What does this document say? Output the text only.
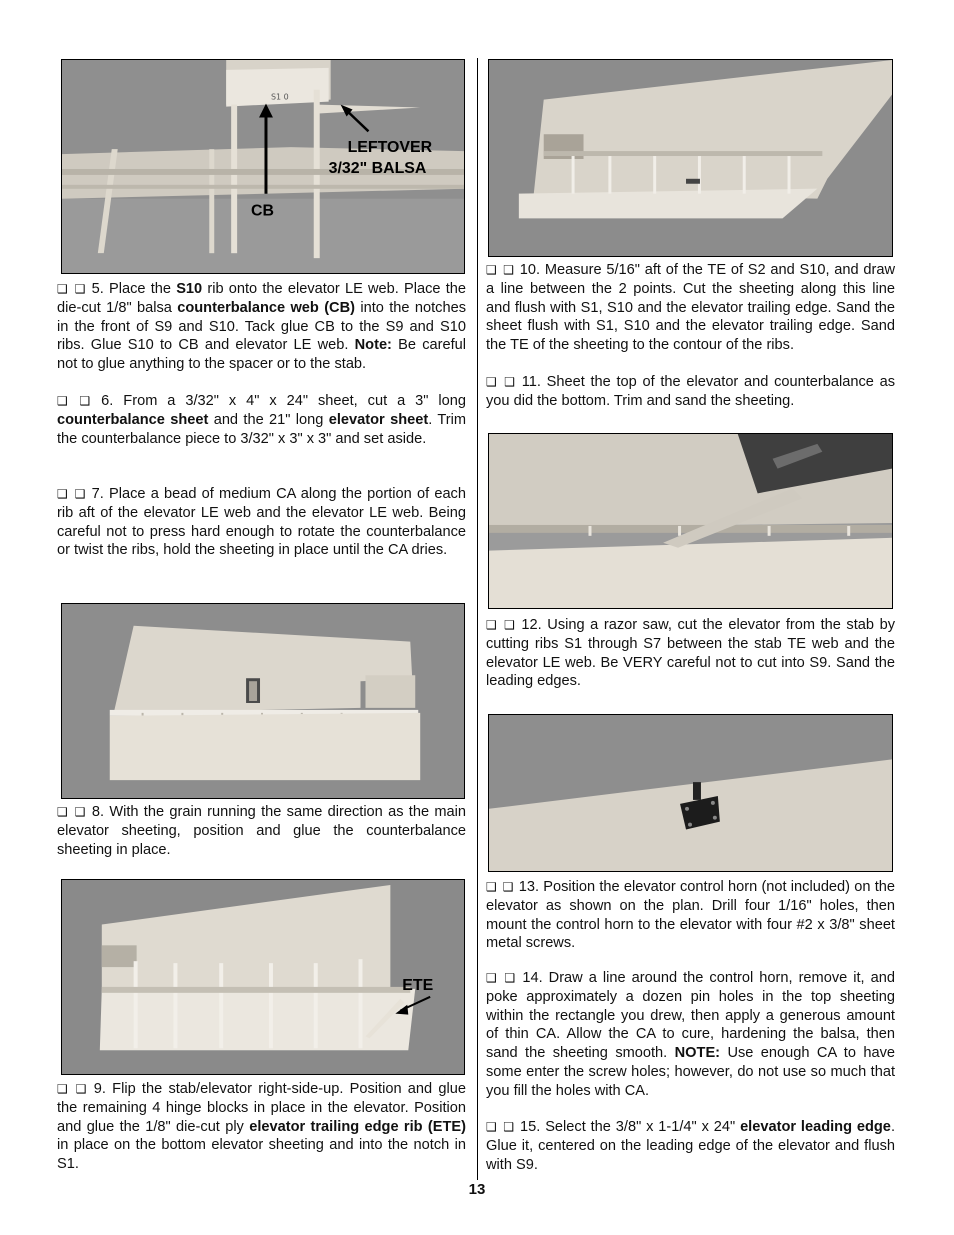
S1 0
LEFTOVER
3/32" BALSA
CB

❑ ❑ 5. Place the S10 rib onto the elevator LE web. Place the die-cut 1/8" balsa counterbalance web (CB) into the notches in the front of S9 and S10. Tack glue CB to the S9 and S10 ribs. Glue S10 to CB and elevator LE web. Note: Be careful not to glue anything to the spacer or to the stab.

❑ ❑ 6. From a 3/32" x 4" x 24" sheet, cut a 3" long counterbalance sheet and the 21" long elevator sheet. Trim the counterbalance piece to 3/32" x 3" x 3" and set aside.

❑ ❑ 7. Place a bead of medium CA along the portion of each rib aft of the elevator LE web and the elevator LE web. Being careful not to press hard enough to rotate the counterbalance or twist the ribs, hold the sheeting in place until the CA dries.

❑ ❑ 8. With the grain running the same direction as the main elevator sheeting, position and glue the counterbalance sheeting in place.

ETE

❑ ❑ 9. Flip the stab/elevator right-side-up. Position and glue the remaining 4 hinge blocks in place in the elevator. Position and glue the 1/8" die-cut ply elevator trailing edge rib (ETE) in place on the bottom elevator sheeting and into the notch in S1.

❑ ❑ 10. Measure 5/16" aft of the TE of S2 and S10, and draw a line between the 2 points. Cut the sheeting along this line and flush with S1, S10 and the elevator trailing edge. Sand the sheet flush with S1, S10 and the elevator trailing edge. Sand the TE of the sheeting to the contour of the ribs.

❑ ❑ 11. Sheet the top of the elevator and counterbalance as you did the bottom. Trim and sand the sheeting.

❑ ❑ 12. Using a razor saw, cut the elevator from the stab by cutting ribs S1 through S7 between the stab TE web and the elevator LE web. Be VERY careful not to cut into S9. Sand the leading edges.

❑ ❑ 13. Position the elevator control horn (not included) on the elevator as shown on the plan. Drill four 1/16" holes, then mount the control horn to the elevator with four #2 x 3/8" sheet metal screws.

❑ ❑ 14. Draw a line around the control horn, remove it, and poke approximately a dozen pin holes in the top sheeting within the rectangle you drew, then apply a generous amount of thin CA. Allow the CA to cure, hardening the balsa, then sand the sheeting smooth. NOTE: Use enough CA to have some enter the screw holes; however, do not use so much that you fill the holes with CA.

❑ ❑ 15. Select the 3/8" x 1-1/4" x 24" elevator leading edge. Glue it, centered on the leading edge of the elevator and flush with S9.

13
